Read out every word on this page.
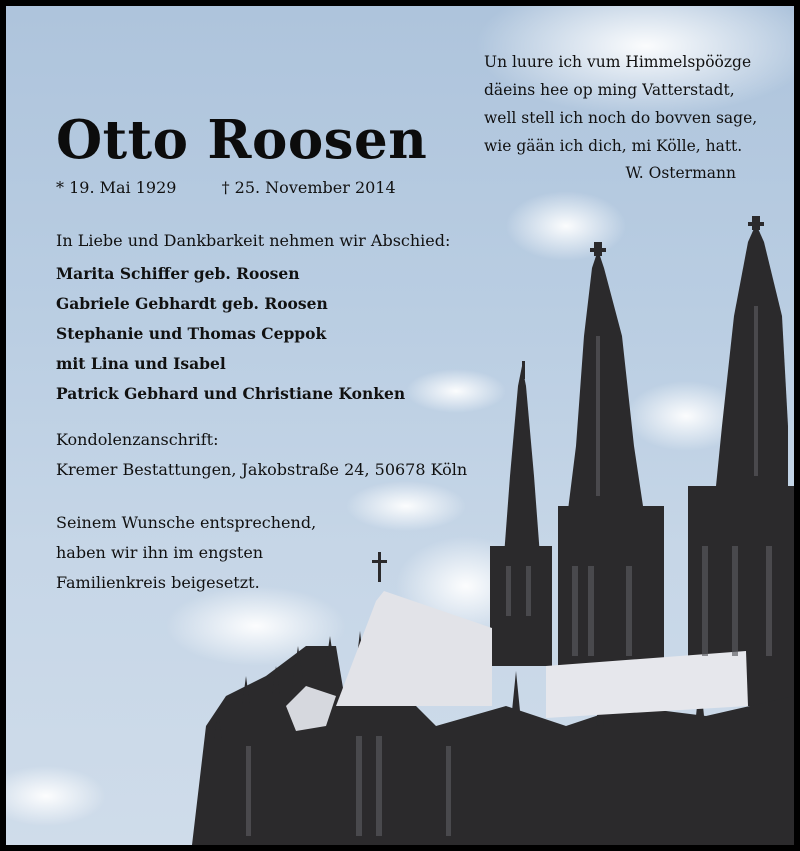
Otto Roosen
* 19. Mai 1929	† 25. November 2014
In Liebe und Dankbarkeit nehmen wir Abschied:
Marita Schiffer geb. Roosen
Gabriele Gebhardt geb. Roosen
Stephanie und Thomas Ceppok
mit Lina und Isabel
Patrick Gebhard und Christiane Konken
Kondolenzanschrift:
Kremer Bestattungen, Jakobstraße 24, 50678 Köln
Seinem Wunsche entsprechend,
haben wir ihn im engsten
Familienkreis beigesetzt.
Un luure ich vum Himmelspöözge
däeins hee op ming Vatterstadt,
well stell ich noch do bovven sage,
wie gään ich dich, mi Kölle, hatt.
W. Ostermann
